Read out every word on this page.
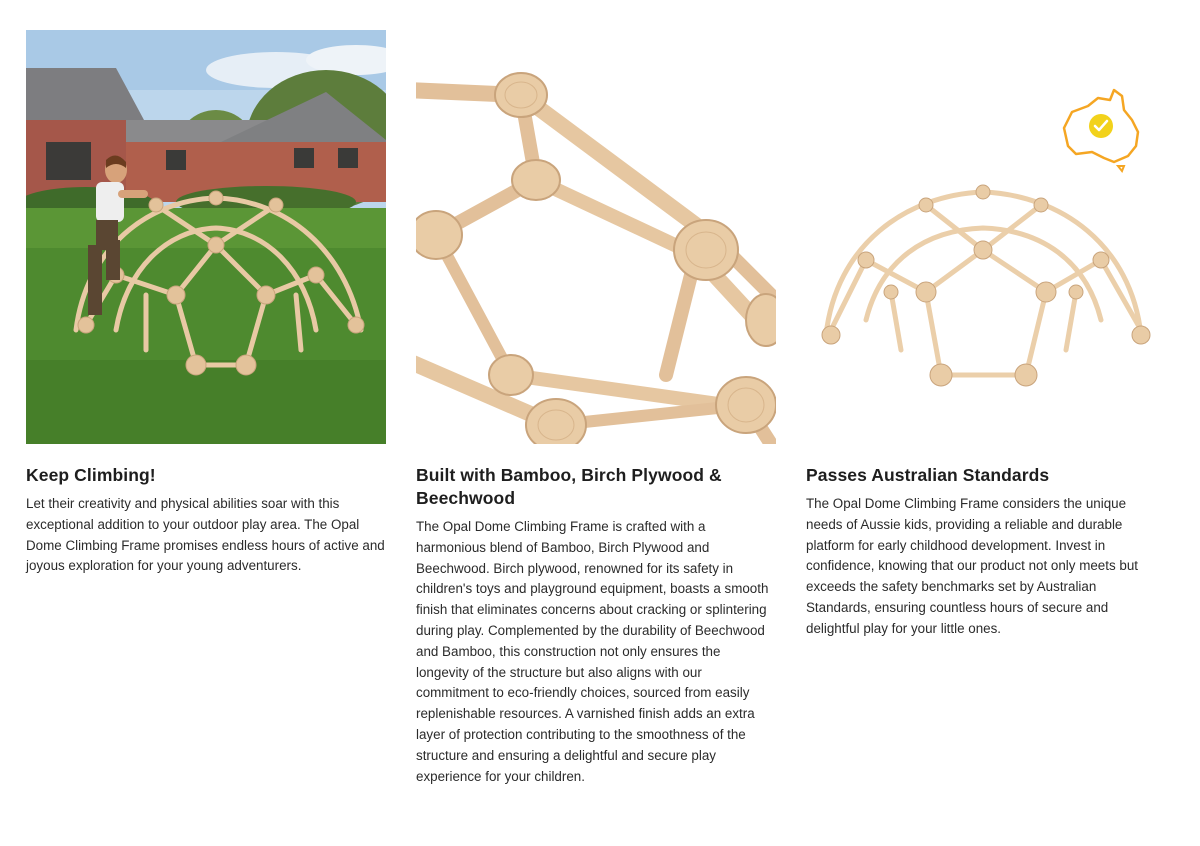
Keep Climbing!

Let their creativity and physical abilities soar with this exceptional addition to your outdoor play area. The Opal Dome Climbing Frame promises endless hours of active and joyous exploration for your young adventurers.

Built with Bamboo, Birch Plywood & Beechwood

The Opal Dome Climbing Frame is crafted with a harmonious blend of Bamboo, Birch Plywood and Beechwood. Birch plywood, renowned for its safety in children's toys and playground equipment, boasts a smooth finish that eliminates concerns about cracking or splintering during play. Complemented by the durability of Beechwood and Bamboo, this construction not only ensures the longevity of the structure but also aligns with our commitment to eco-friendly choices, sourced from easily replenishable resources. A varnished finish adds an extra layer of protection contributing to the smoothness of the structure and ensuring a delightful and secure play experience for your children.

Passes Australian Standards

The Opal Dome Climbing Frame considers the unique needs of Aussie kids, providing a reliable and durable platform for early childhood development. Invest in confidence, knowing that our product not only meets but exceeds the safety benchmarks set by Australian Standards, ensuring countless hours of secure and delightful play for your little ones.
